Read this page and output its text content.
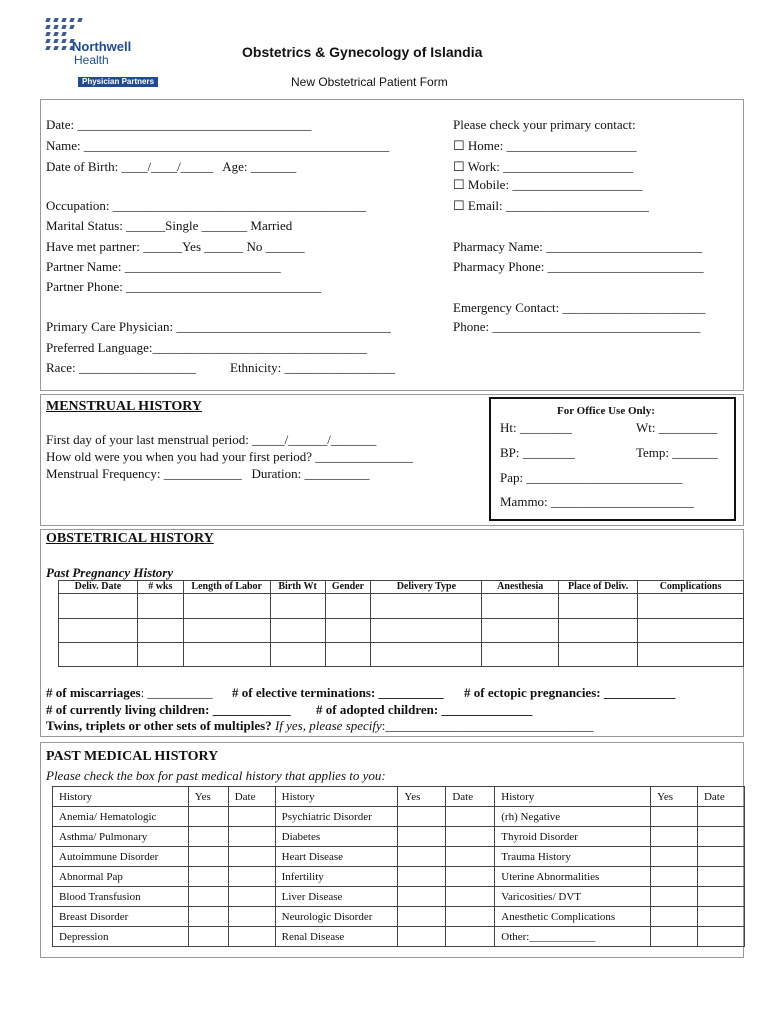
Northwell
Health
Physician Partners
Obstetrics & Gynecology of Islandia
New Obstetrical Patient Form
Date: ____________________________________
Name: _______________________________________________
Date of Birth: ____/____/_____   Age: _______
Occupation: _______________________________________
Marital Status: ______Single _______ Married
Have met partner: ______Yes ______ No ______
Partner Name: ________________________
Partner Phone: ______________________________
Primary Care Physician: _________________________________
Preferred Language:_________________________________
Race: __________________	Ethnicity: _________________
Please check your primary contact:
☐ Home: ____________________
☐ Work: ____________________
☐ Mobile: ____________________
☐ Email: ______________________
Pharmacy Name: ________________________
Pharmacy Phone: ________________________
Emergency Contact: ______________________
Phone: ________________________________
MENSTRUAL HISTORY
First day of your last menstrual period: _____/______/_______
How old were you when you had your first period? _______________
Menstrual Frequency: ____________   Duration: __________
For Office Use Only:
Ht: ________	Wt: _________
BP: ________	Temp: _______
Pap: ________________________
Mammo: ______________________
OBSTETRICAL HISTORY
Past Pregnancy History
Deliv. Date	# wks	Length of Labor	Birth Wt	Gender	Delivery Type	Anesthesia	Place of Deliv.	Complications

# of miscarriages: __________ # of elective terminations: __________ # of ectopic pregnancies: ___________
# of currently living children: ____________ # of adopted children: ______________
Twins, triplets or other sets of multiples? If yes, please specify:________________________________
PAST MEDICAL HISTORY
Please check the box for past medical history that applies to you:
History	Yes	Date	History	Yes	Date	History	Yes	Date
Anemia/ Hematologic			Psychiatric Disorder			(rh) Negative		
Asthma/ Pulmonary			Diabetes			Thyroid Disorder		
Autoimmune Disorder			Heart Disease			Trauma History		
Abnormal Pap			Infertility			Uterine Abnormalities		
Blood Transfusion			Liver Disease			Varicosities/ DVT		
Breast Disorder			Neurologic Disorder			Anesthetic Complications		
Depression			Renal Disease			Other:____________		
